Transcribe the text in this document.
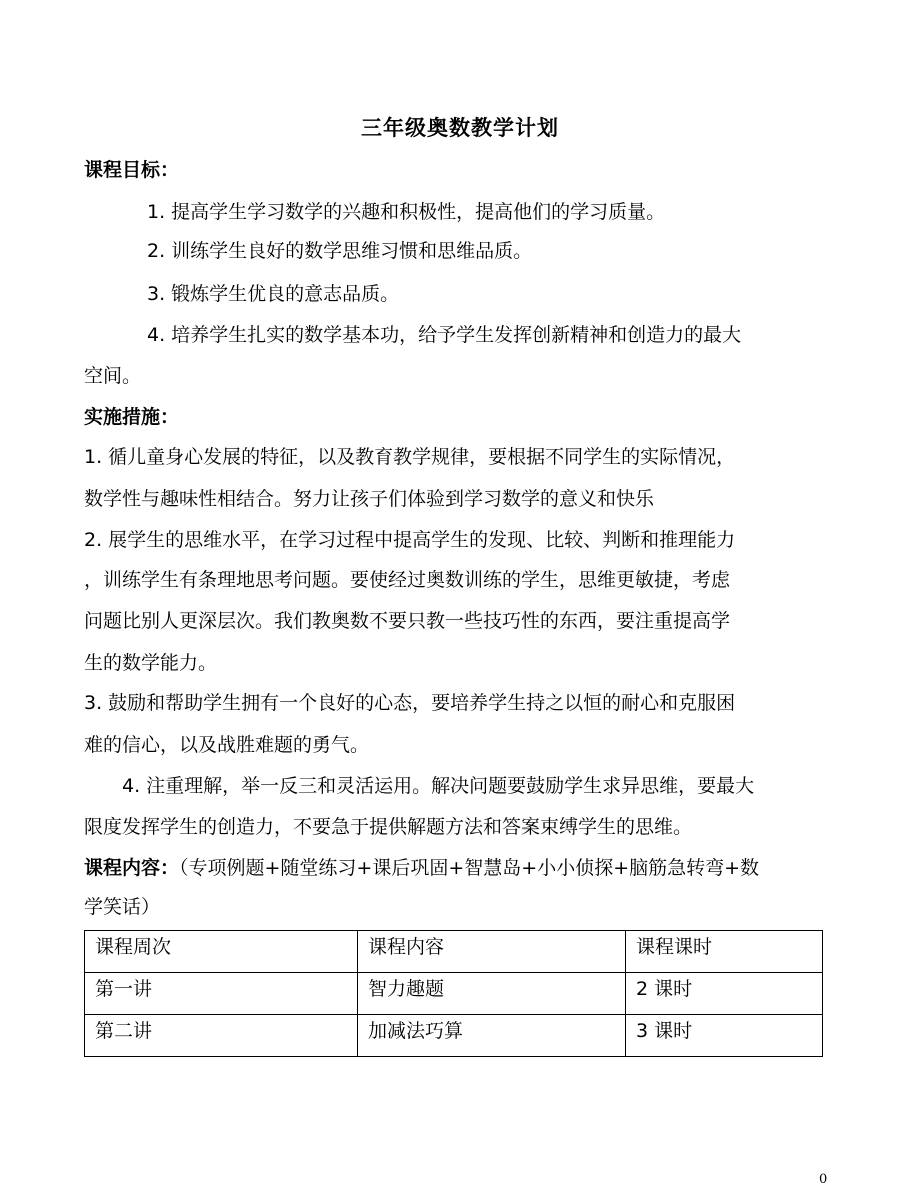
三年级奥数教学计划
课程目标：
1. 提高学生学习数学的兴趣和积极性，提高他们的学习质量。
2. 训练学生良好的数学思维习惯和思维品质。
3. 锻炼学生优良的意志品质。
4. 培养学生扎实的数学基本功，给予学生发挥创新精神和创造力的最大
空间。
实施措施：
1. 循儿童身心发展的特征，以及教育教学规律，要根据不同学生的实际情况，
数学性与趣味性相结合。努力让孩子们体验到学习数学的意义和快乐
2. 展学生的思维水平，在学习过程中提高学生的发现、比较、判断和推理能力
，训练学生有条理地思考问题。要使经过奥数训练的学生，思维更敏捷，考虑
问题比别人更深层次。我们教奥数不要只教一些技巧性的东西，要注重提高学
生的数学能力。
3. 鼓励和帮助学生拥有一个良好的心态，要培养学生持之以恒的耐心和克服困
难的信心，以及战胜难题的勇气。
4. 注重理解，举一反三和灵活运用。解决问题要鼓励学生求异思维，要最大
限度发挥学生的创造力，不要急于提供解题方法和答案束缚学生的思维。
课程内容：（专项例题+随堂练习+课后巩固+智慧岛+小小侦探+脑筋急转弯+数
学笑话）
课程周次	课程内容	课程课时
第一讲	智力趣题	2 课时
第二讲	加减法巧算	3 课时
0
